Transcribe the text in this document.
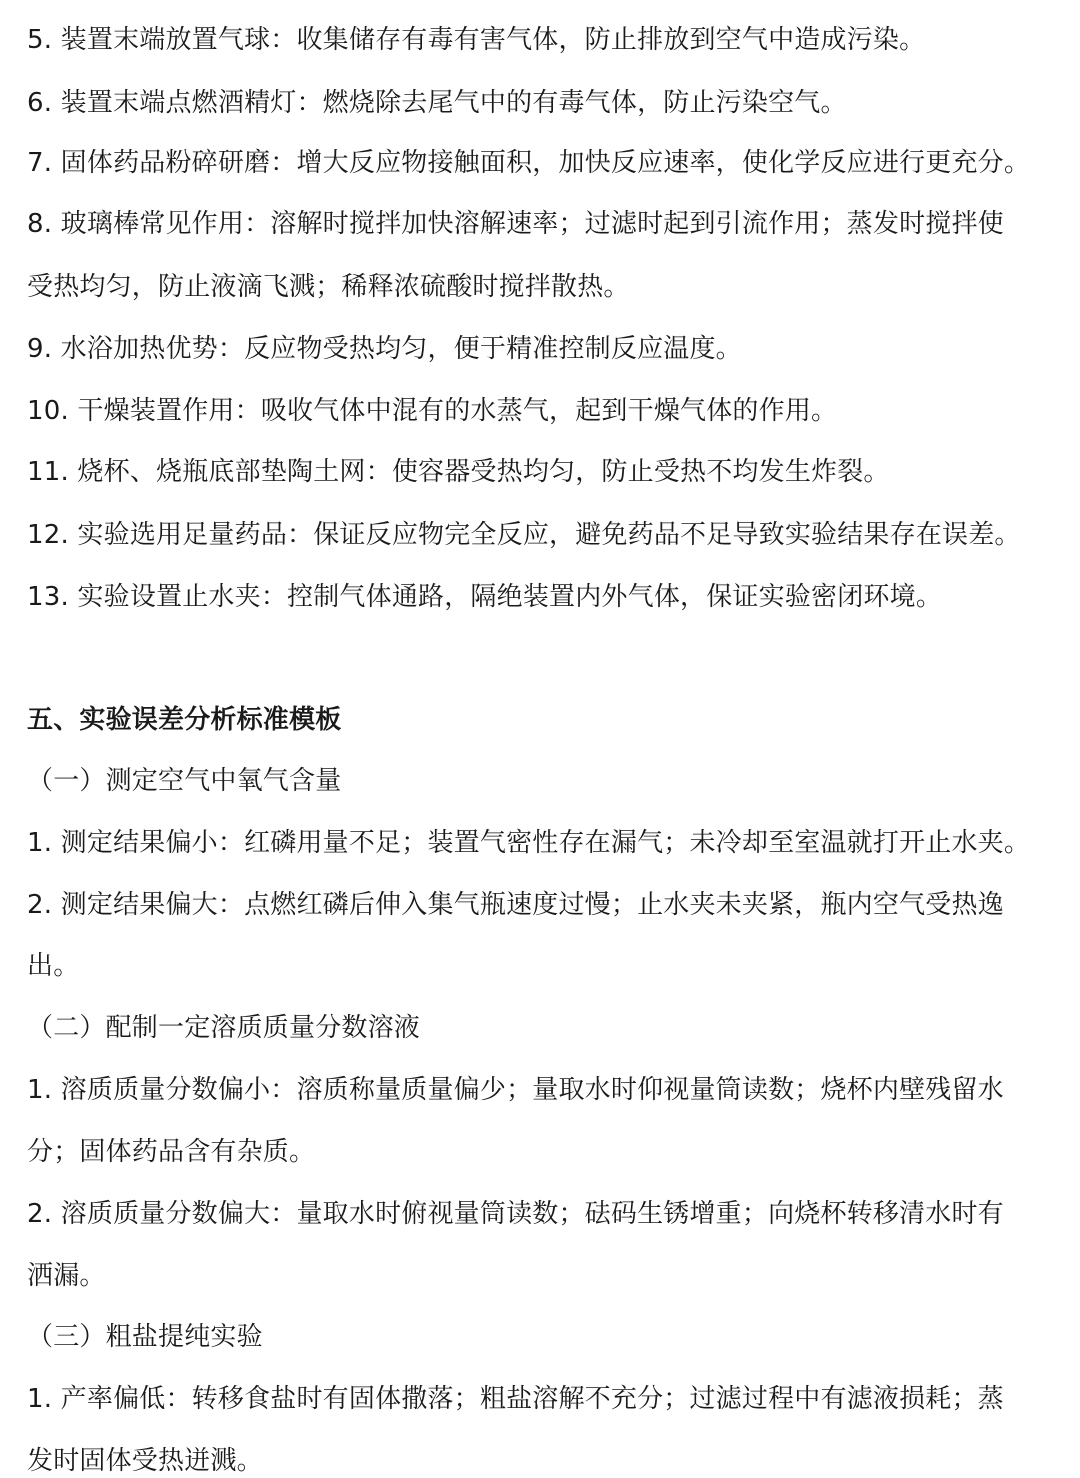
5. 装置末端放置气球：收集储存有毒有害气体，防止排放到空气中造成污染。
6. 装置末端点燃酒精灯：燃烧除去尾气中的有毒气体，防止污染空气。
7. 固体药品粉碎研磨：增大反应物接触面积，加快反应速率，使化学反应进行更充分。
8. 玻璃棒常见作用：溶解时搅拌加快溶解速率；过滤时起到引流作用；蒸发时搅拌使
受热均匀，防止液滴飞溅；稀释浓硫酸时搅拌散热。
9. 水浴加热优势：反应物受热均匀，便于精准控制反应温度。
10. 干燥装置作用：吸收气体中混有的水蒸气，起到干燥气体的作用。
11. 烧杯、烧瓶底部垫陶土网：使容器受热均匀，防止受热不均发生炸裂。
12. 实验选用足量药品：保证反应物完全反应，避免药品不足导致实验结果存在误差。
13. 实验设置止水夹：控制气体通路，隔绝装置内外气体，保证实验密闭环境。
五、实验误差分析标准模板
（一）测定空气中氧气含量
1. 测定结果偏小：红磷用量不足；装置气密性存在漏气；未冷却至室温就打开止水夹。
2. 测定结果偏大：点燃红磷后伸入集气瓶速度过慢；止水夹未夹紧，瓶内空气受热逸
出。
（二）配制一定溶质质量分数溶液
1. 溶质质量分数偏小：溶质称量质量偏少；量取水时仰视量筒读数；烧杯内壁残留水
分；固体药品含有杂质。
2. 溶质质量分数偏大：量取水时俯视量筒读数；砝码生锈增重；向烧杯转移清水时有
洒漏。
（三）粗盐提纯实验
1. 产率偏低：转移食盐时有固体撒落；粗盐溶解不充分；过滤过程中有滤液损耗；蒸
发时固体受热迸溅。
